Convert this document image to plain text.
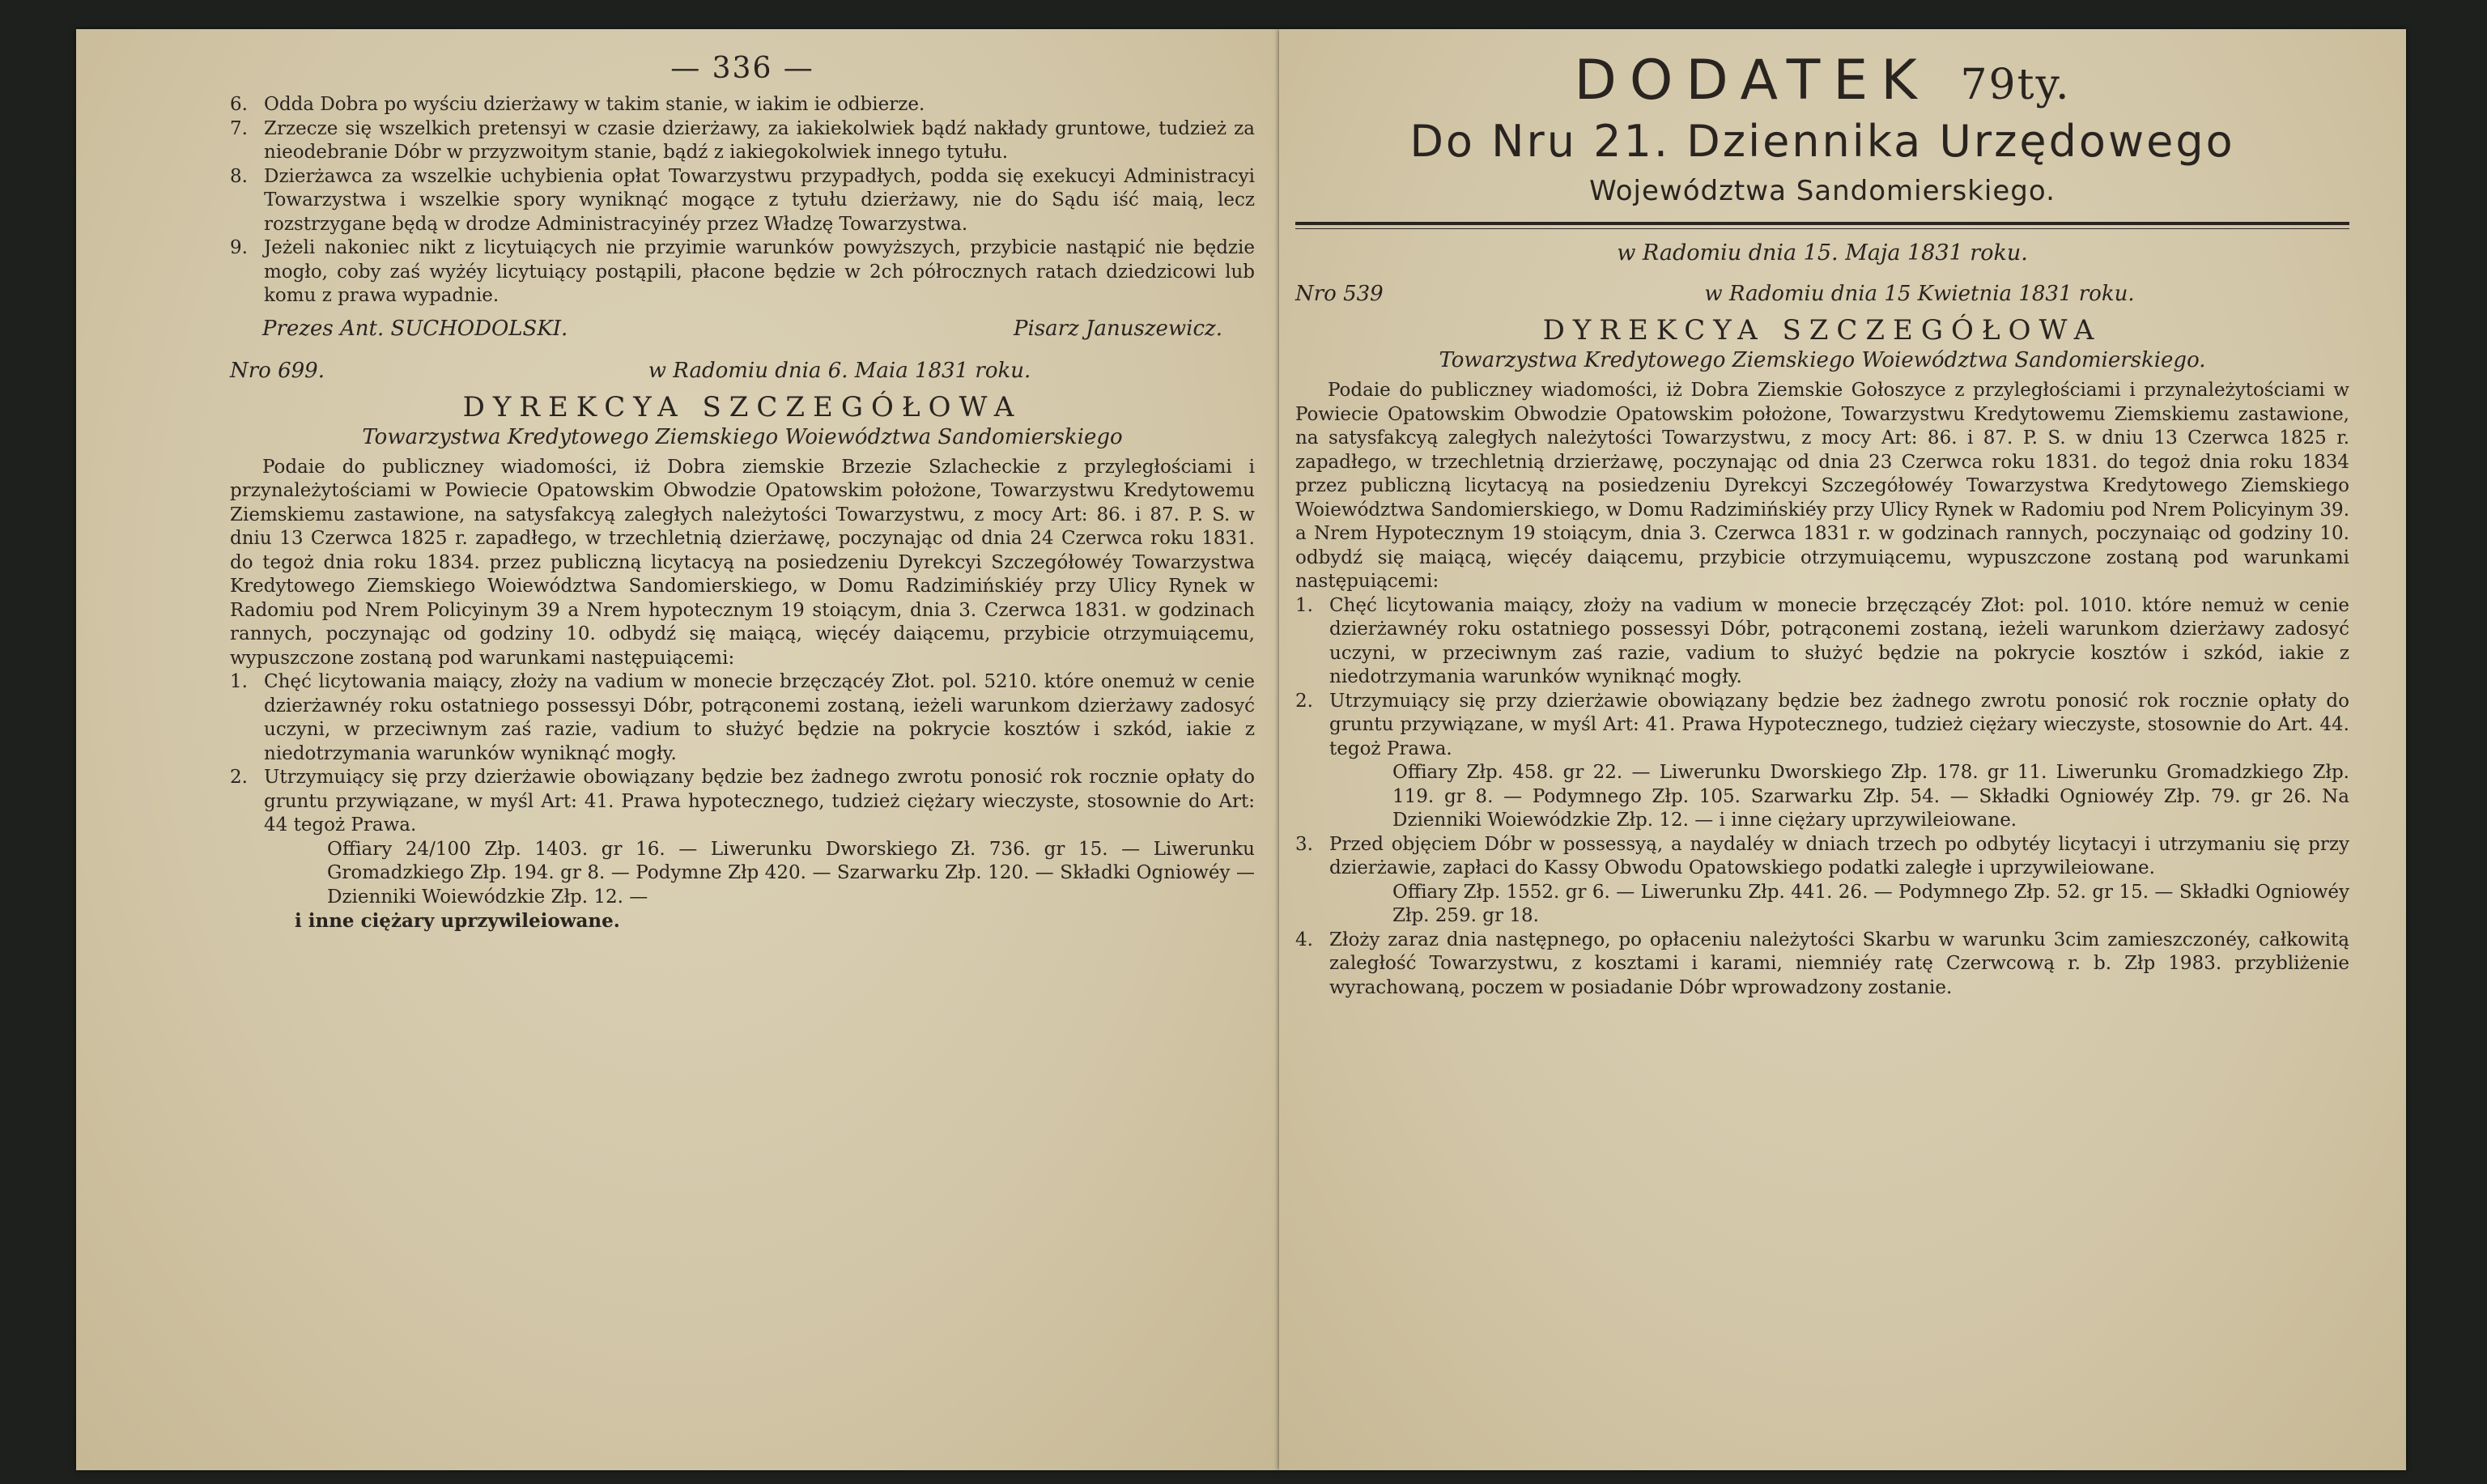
— 336 —

6. Odda Dobra po wyściu dzierżawy w takim stanie, w iakim ie odbierze.

7. Zrzecze się wszelkich pretensyi w czasie dzierżawy, za iakiekolwiek bądź nakłady gruntowe, tudzież za nieodebranie Dóbr w przyzwoitym stanie, bądź z iakiegokolwiek innego tytułu.

8. Dzierżawca za wszelkie uchybienia opłat Towarzystwu przypadłych, podda się exekucyi Administracyi Towarzystwa i wszelkie spory wyniknąć mogące z tytułu dzierżawy, nie do Sądu iść maią, lecz rozstrzygane będą w drodze Administracyinéy przez Władzę Towarzystwa.

9. Jeżeli nakoniec nikt z licytuiących nie przyimie warunków powyższych, przybicie nastąpić nie będzie mogło, coby zaś wyżéy licytuiący postąpili, płacone będzie w 2ch półrocznych ratach dziedzicowi lub komu z prawa wypadnie.

Prezes Ant. SUCHODOLSKI.	Pisarz Januszewicz.
Nro 699.	w Radomiu dnia 6. Maia 1831 roku.

DYREKCYA SZCZEGÓŁOWA

Towarzystwa Kredytowego Ziemskiego Woiewództwa Sandomierskiego

Podaie do publiczney wiadomości, iż Dobra ziemskie Brzezie Szlacheckie z przyległościami i przynależytościami w Powiecie Opatowskim Obwodzie Opatowskim położone, Towarzystwu Kredytowemu Ziemskiemu zastawione, na satysfakcyą zaległych należytości Towarzystwu, z mocy Art: 86. i 87. P. S. w dniu 13 Czerwca 1825 r. zapadłego, w trzechletnią dzierżawę, poczynając od dnia 24 Czerwca roku 1831. do tegoż dnia roku 1834. przez publiczną licytacyą na posiedzeniu Dyrekcyi Szczegółowéy Towarzystwa Kredytowego Ziemskiego Woiewództwa Sandomierskiego, w Domu Radzimińskiéy przy Ulicy Rynek w Radomiu pod Nrem Policyinym 39 a Nrem hypotecznym 19 stoiącym, dnia 3. Czerwca 1831. w godzinach rannych, poczynając od godziny 10. odbydź się maiącą, więcéy daiącemu, przybicie otrzymuiącemu, wypuszczone zostaną pod warunkami następuiącemi:

1. Chęć licytowania maiący, złoży na vadium w monecie brzęczącéy Złot. pol. 5210. które onemuż w cenie dzierżawnéy roku ostatniego possessyi Dóbr, potrąconemi zostaną, ieżeli warunkom dzierżawy zadosyć uczyni, w przeciwnym zaś razie, vadium to służyć będzie na pokrycie kosztów i szkód, iakie z niedotrzymania warunków wyniknąć mogły.

2. Utrzymuiący się przy dzierżawie obowiązany będzie bez żadnego zwrotu ponosić rok rocznie opłaty do gruntu przywiązane, w myśl Art: 41. Prawa hypotecznego, tudzież ciężary wieczyste, stosownie do Art: 44 tegoż Prawa.

Offiary 24/100 Złp. 1403. gr 16. — Liwerunku Dworskiego Zł. 736. gr 15. — Liwerunku Gromadzkiego Złp. 194. gr 8. — Podymne Złp 420. — Szarwarku Złp. 120. — Składki Ogniowéy — Dzienniki Woiewódzkie Złp. 12. —

i inne ciężary uprzywileiowane.

DODATEK 79ty.

Do Nru 21. Dziennika Urzędowego

Województwa Sandomierskiego.

w Radomiu dnia 15. Maja 1831 roku.

Nro 539	w Radomiu dnia 15 Kwietnia 1831 roku.

DYREKCYA SZCZEGÓŁOWA

Towarzystwa Kredytowego Ziemskiego Woiewództwa Sandomierskiego.

Podaie do publiczney wiadomości, iż Dobra Ziemskie Gołoszyce z przyległościami i przynależytościami w Powiecie Opatowskim Obwodzie Opatowskim położone, Towarzystwu Kredytowemu Ziemskiemu zastawione, na satysfakcyą zaległych należytości Towarzystwu, z mocy Art: 86. i 87. P. S. w dniu 13 Czerwca 1825 r. zapadłego, w trzechletnią drzierżawę, poczynając od dnia 23 Czerwca roku 1831. do tegoż dnia roku 1834 przez publiczną licytacyą na posiedzeniu Dyrekcyi Szczegółowéy Towarzystwa Kredytowego Ziemskiego Woiewództwa Sandomierskiego, w Domu Radzimińskiéy przy Ulicy Rynek w Radomiu pod Nrem Policyinym 39. a Nrem Hypotecznym 19 stoiącym, dnia 3. Czerwca 1831 r. w godzinach rannych, poczynaiąc od godziny 10. odbydź się maiącą, więcéy daiącemu, przybicie otrzymuiącemu, wypuszczone zostaną pod warunkami następuiącemi:

1. Chęć licytowania maiący, złoży na vadium w monecie brzęczącéy Złot: pol. 1010. które nemuż w cenie dzierżawnéy roku ostatniego possessyi Dóbr, potrąconemi zostaną, ieżeli warunkom dzierżawy zadosyć uczyni, w przeciwnym zaś razie, vadium to służyć będzie na pokrycie kosztów i szkód, iakie z niedotrzymania warunków wyniknąć mogły.

2. Utrzymuiący się przy dzierżawie obowiązany będzie bez żadnego zwrotu ponosić rok rocznie opłaty do gruntu przywiązane, w myśl Art: 41. Prawa Hypotecznego, tudzież ciężary wieczyste, stosownie do Art. 44. tegoż Prawa.

Offiary Złp. 458. gr 22. — Liwerunku Dworskiego Złp. 178. gr 11. Liwerunku Gromadzkiego Złp. 119. gr 8. — Podymnego Złp. 105. Szarwarku Złp. 54. — Składki Ogniowéy Złp. 79. gr 26. Na Dzienniki Woiewódzkie Złp. 12. — i inne ciężary uprzywileiowane.

3. Przed objęciem Dóbr w possessyą, a naydaléy w dniach trzech po odbytéy licytacyi i utrzymaniu się przy dzierżawie, zapłaci do Kassy Obwodu Opatowskiego podatki zaległe i uprzywileiowane.

Offiary Złp. 1552. gr 6. — Liwerunku Złp. 441. 26. — Podymnego Złp. 52. gr 15. — Składki Ogniowéy Złp. 259. gr 18.

4. Złoży zaraz dnia następnego, po opłaceniu należytości Skarbu w warunku 3cim zamieszczonéy, całkowitą zaległość Towarzystwu, z kosztami i karami, niemniéy ratę Czerwcową r. b. Złp 1983. przybliżenie wyrachowaną, poczem w posiadanie Dóbr wprowadzony zostanie.
